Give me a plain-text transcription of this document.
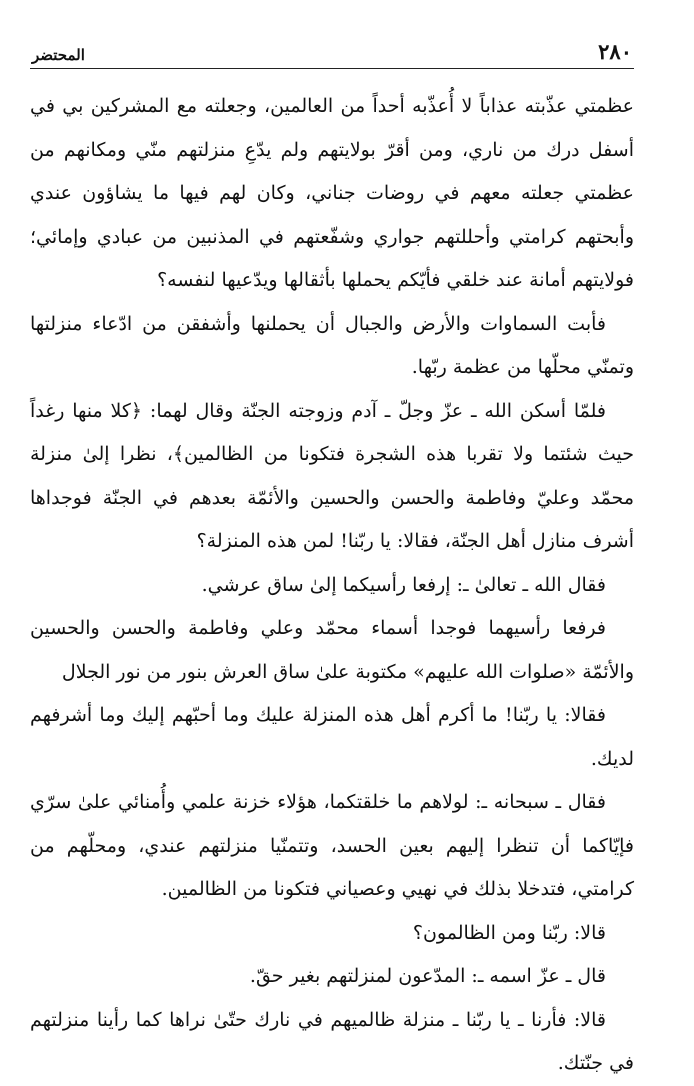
٢٨٠
المحتضر

عظمتي عذّبته عذاباً لا أُعذّبه أحداً من العالمين، وجعلته مع المشركين بي في أسفل درك من ناري، ومن أقرّ بولايتهم ولم يدّعِ منزلتهم منّي ومكانهم من عظمتي جعلته معهم في روضات جناني، وكان لهم فيها ما يشاؤون عندي وأبحتهم كرامتي وأحللتهم جواري وشفّعتهم في المذنبين من عبادي وإمائي؛ فولايتهم أمانة عند خلقي فأيّكم يحملها بأثقالها ويدّعيها لنفسه؟

فأبت السماوات والأرض والجبال أن يحملنها وأشفقن من ادّعاء منزلتها وتمنّي محلّها من عظمة ربّها.

فلمّا أسكن الله ـ عزّ وجلّ ـ آدم وزوجته الجنّة وقال لهما: ﴿كلا منها رغداً حيث شئتما ولا تقربا هذه الشجرة فتكونا من الظالمين﴾، نظرا إلىٰ منزلة محمّد وعليّ وفاطمة والحسن والحسين والأئمّة بعدهم في الجنّة فوجداها أشرف منازل أهل الجنّة، فقالا: يا ربّنا! لمن هذه المنزلة؟

فقال الله ـ تعالىٰ ـ: إرفعا رأسيكما إلىٰ ساق عرشي.

فرفعا رأسيهما فوجدا أسماء محمّد وعلي وفاطمة والحسن والحسين والأئمّة «صلوات الله عليهم» مكتوبة علىٰ ساق العرش بنور من نور الجلال

فقالا: يا ربّنا! ما أكرم أهل هذه المنزلة عليك وما أحبّهم إليك وما أشرفهم لديك.

فقال ـ سبحانه ـ: لولاهم ما خلقتكما، هؤلاء خزنة علمي وأُمنائي علىٰ سرّي فإيّاكما أن تنظرا إليهم بعين الحسد، وتتمنّيا منزلتهم عندي، ومحلّهم من كرامتي، فتدخلا بذلك في نهيي وعصياني فتكونا من الظالمين.

قالا: ربّنا ومن الظالمون؟

قال ـ عزّ اسمه ـ: المدّعون لمنزلتهم بغير حقّ.

قالا: فأرنا ـ يا ربّنا ـ منزلة ظالميهم في نارك حتّىٰ نراها كما رأينا منزلتهم في جنّتك.
